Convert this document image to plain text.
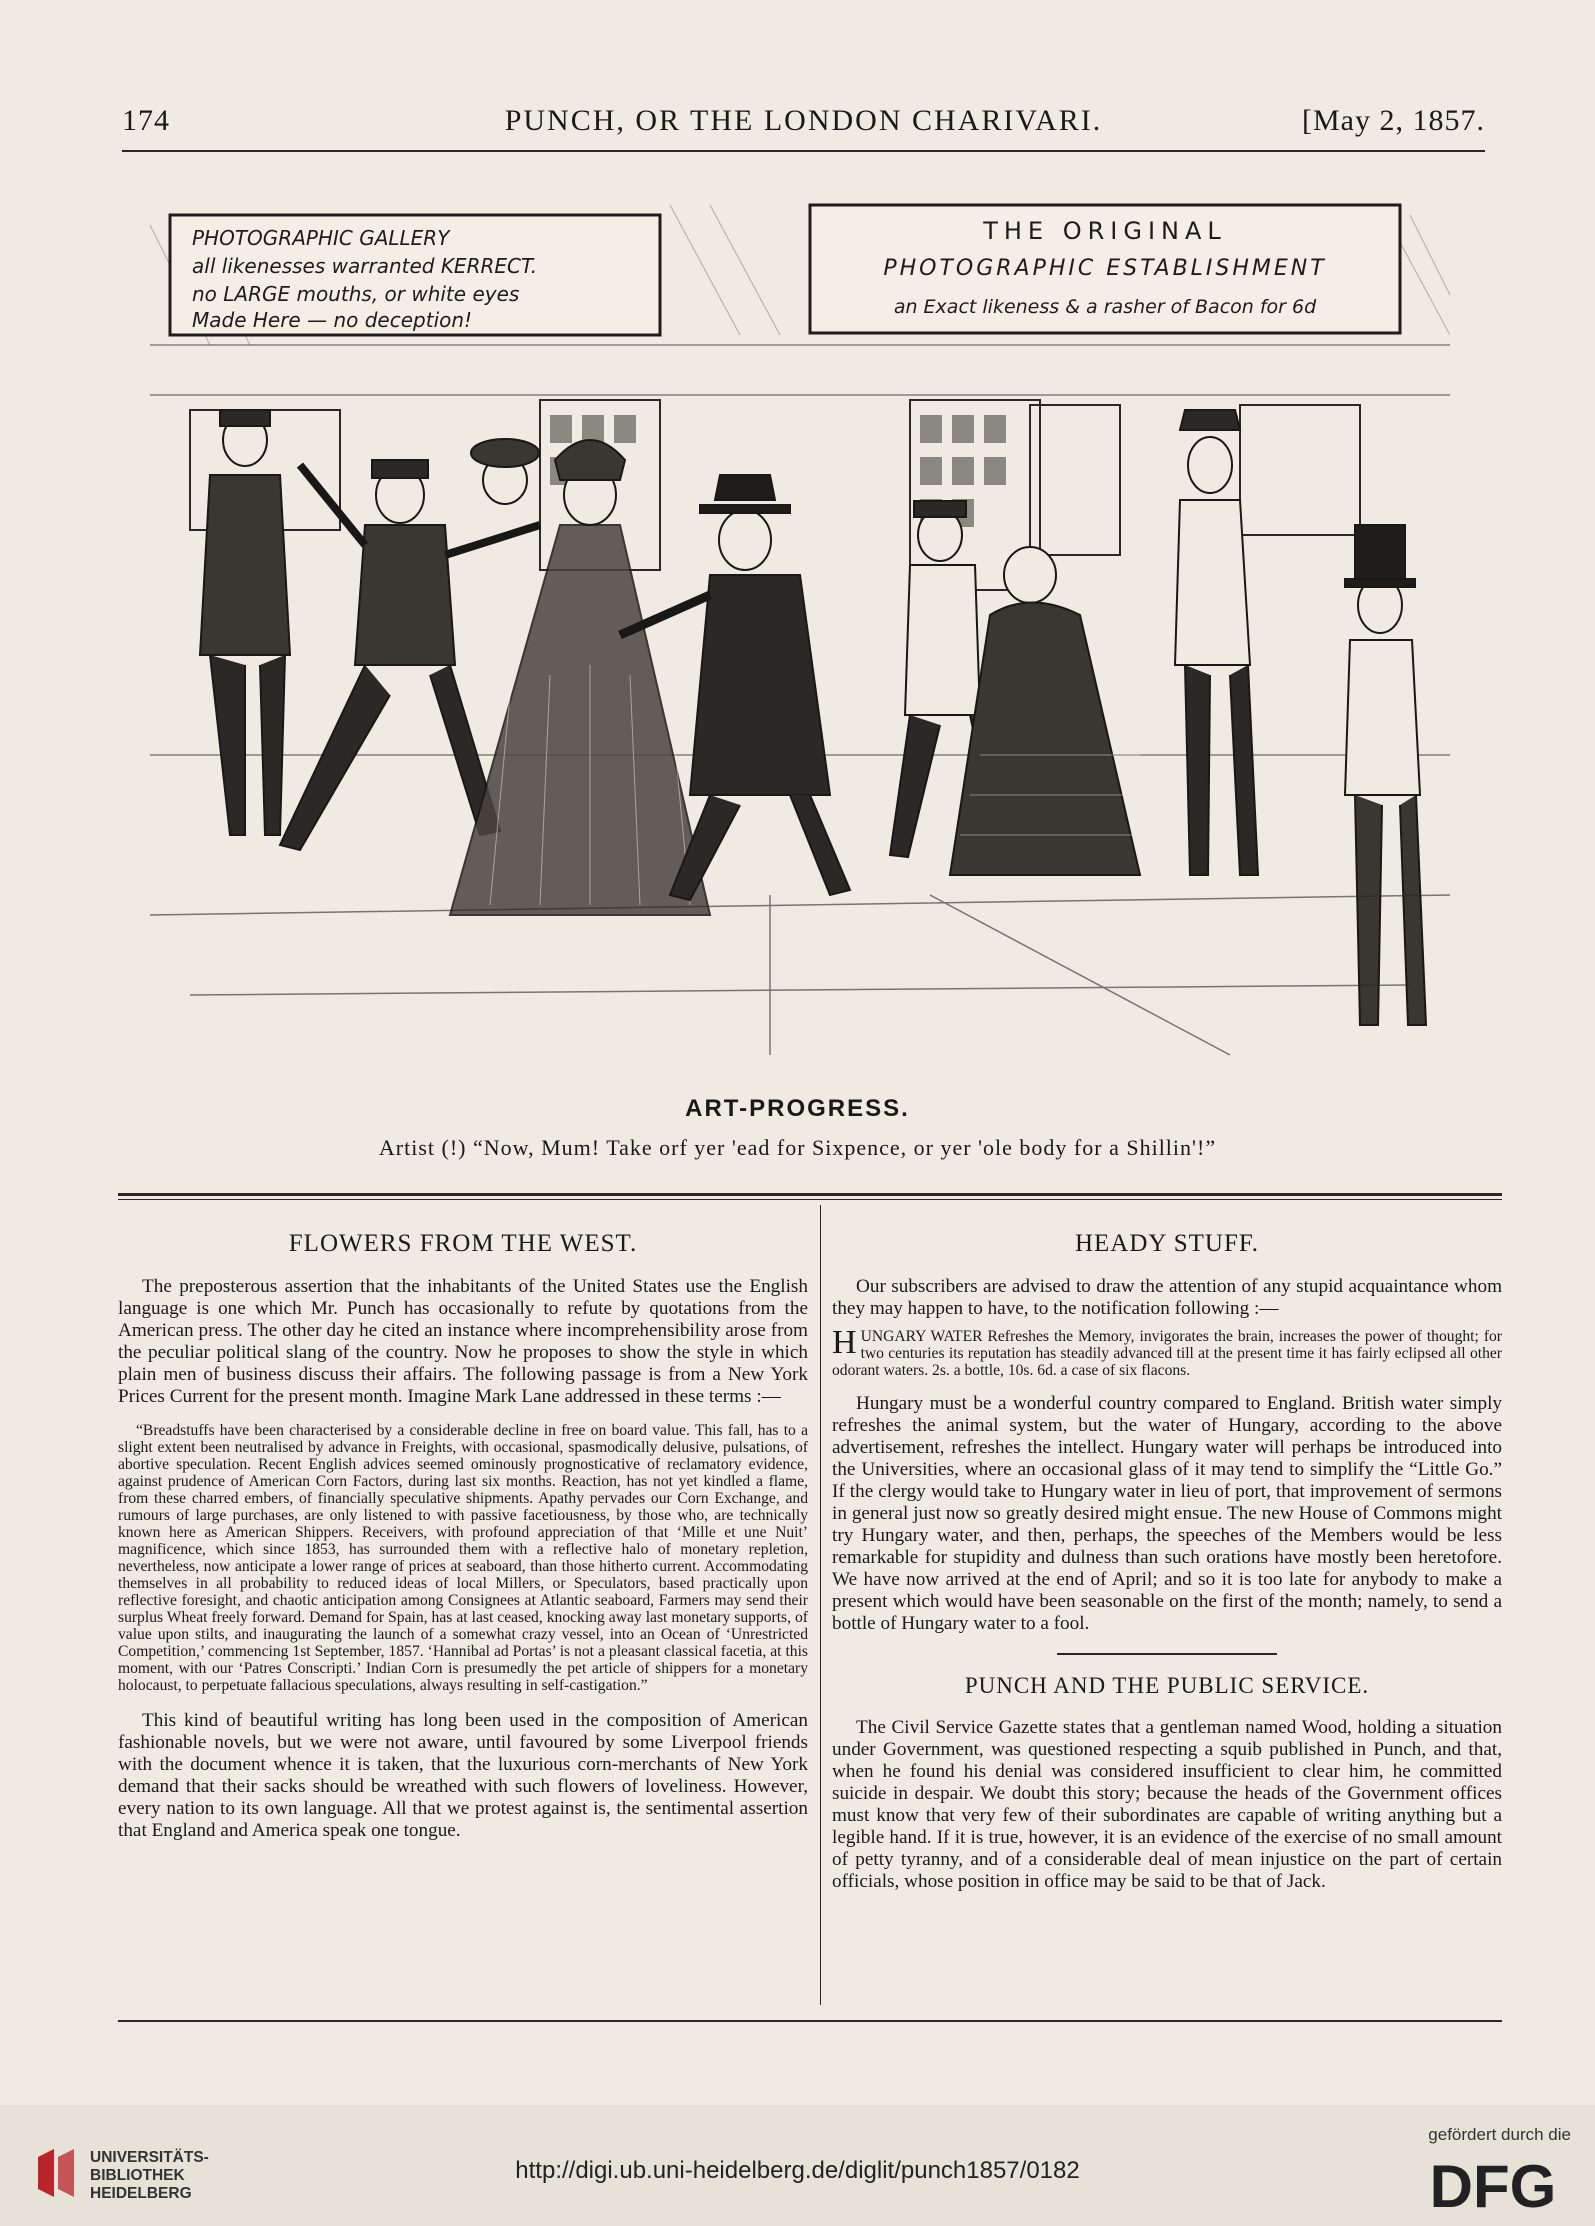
174	PUNCH, OR THE LONDON CHARIVARI.	[May 2, 1857.
PHOTOGRAPHIC GALLERY
all likenesses warranted KERRECT.
no LARGE mouths, or white eyes
Made Here — no deception!
THE ORIGINAL
PHOTOGRAPHIC ESTABLISHMENT
an Exact likeness & a rasher of Bacon for 6d
ART-PROGRESS.
Artist (!) “Now, Mum! Take orf yer 'ead for Sixpence, or yer 'ole body for a Shillin'!”
FLOWERS FROM THE WEST.

The preposterous assertion that the inhabitants of the United States use the English language is one which Mr. Punch has occasionally to refute by quotations from the American press. The other day he cited an instance where incomprehensibility arose from the peculiar political slang of the country. Now he proposes to show the style in which plain men of business discuss their affairs. The following passage is from a New York Prices Current for the present month. Imagine Mark Lane addressed in these terms :—

“Breadstuffs have been characterised by a considerable decline in free on board value. This fall, has to a slight extent been neutralised by advance in Freights, with occasional, spasmodically delusive, pulsations, of abortive speculation. Recent English advices seemed ominously prognosticative of reclamatory evidence, against prudence of American Corn Factors, during last six months. Reaction, has not yet kindled a flame, from these charred embers, of financially speculative shipments. Apathy pervades our Corn Exchange, and rumours of large purchases, are only listened to with passive facetiousness, by those who, are technically known here as American Shippers. Receivers, with profound appreciation of that ‘Mille et une Nuit’ magnificence, which since 1853, has surrounded them with a reflective halo of monetary repletion, nevertheless, now anticipate a lower range of prices at seaboard, than those hitherto current. Accommodating themselves in all probability to reduced ideas of local Millers, or Speculators, based practically upon reflective foresight, and chaotic anticipation among Consignees at Atlantic seaboard, Farmers may send their surplus Wheat freely forward. Demand for Spain, has at last ceased, knocking away last monetary supports, of value upon stilts, and inaugurating the launch of a somewhat crazy vessel, into an Ocean of ‘Unrestricted Competition,’ commencing 1st September, 1857. ‘Hannibal ad Portas’ is not a pleasant classical facetia, at this moment, with our ‘Patres Conscripti.’ Indian Corn is presumedly the pet article of shippers for a monetary holocaust, to perpetuate fallacious speculations, always resulting in self-castigation.”

This kind of beautiful writing has long been used in the composition of American fashionable novels, but we were not aware, until favoured by some Liverpool friends with the document whence it is taken, that the luxurious corn-merchants of New York demand that their sacks should be wreathed with such flowers of loveliness. However, every nation to its own language. All that we protest against is, the sentimental assertion that England and America speak one tongue.

HEADY STUFF.

Our subscribers are advised to draw the attention of any stupid acquaintance whom they may happen to have, to the notification following :—

HUNGARY WATER Refreshes the Memory, invigorates the brain, increases the power of thought; for two centuries its reputation has steadily advanced till at the present time it has fairly eclipsed all other odorant waters. 2s. a bottle, 10s. 6d. a case of six flacons.

Hungary must be a wonderful country compared to England. British water simply refreshes the animal system, but the water of Hungary, according to the above advertisement, refreshes the intellect. Hungary water will perhaps be introduced into the Universities, where an occasional glass of it may tend to simplify the “Little Go.” If the clergy would take to Hungary water in lieu of port, that improvement of sermons in general just now so greatly desired might ensue. The new House of Commons might try Hungary water, and then, perhaps, the speeches of the Members would be less remarkable for stupidity and dulness than such orations have mostly been heretofore. We have now arrived at the end of April; and so it is too late for anybody to make a present which would have been seasonable on the first of the month; namely, to send a bottle of Hungary water to a fool.

PUNCH AND THE PUBLIC SERVICE.

The Civil Service Gazette states that a gentleman named Wood, holding a situation under Government, was questioned respecting a squib published in Punch, and that, when he found his denial was considered insufficient to clear him, he committed suicide in despair. We doubt this story; because the heads of the Government offices must know that very few of their subordinates are capable of writing anything but a legible hand. If it is true, however, it is an evidence of the exercise of no small amount of petty tyranny, and of a considerable deal of mean injustice on the part of certain officials, whose position in office may be said to be that of Jack.

UNIVERSITÄTS-
BIBLIOTHEK
HEIDELBERG
http://digi.ub.uni-heidelberg.de/diglit/punch1857/0182
gefördert durch die
DFG
